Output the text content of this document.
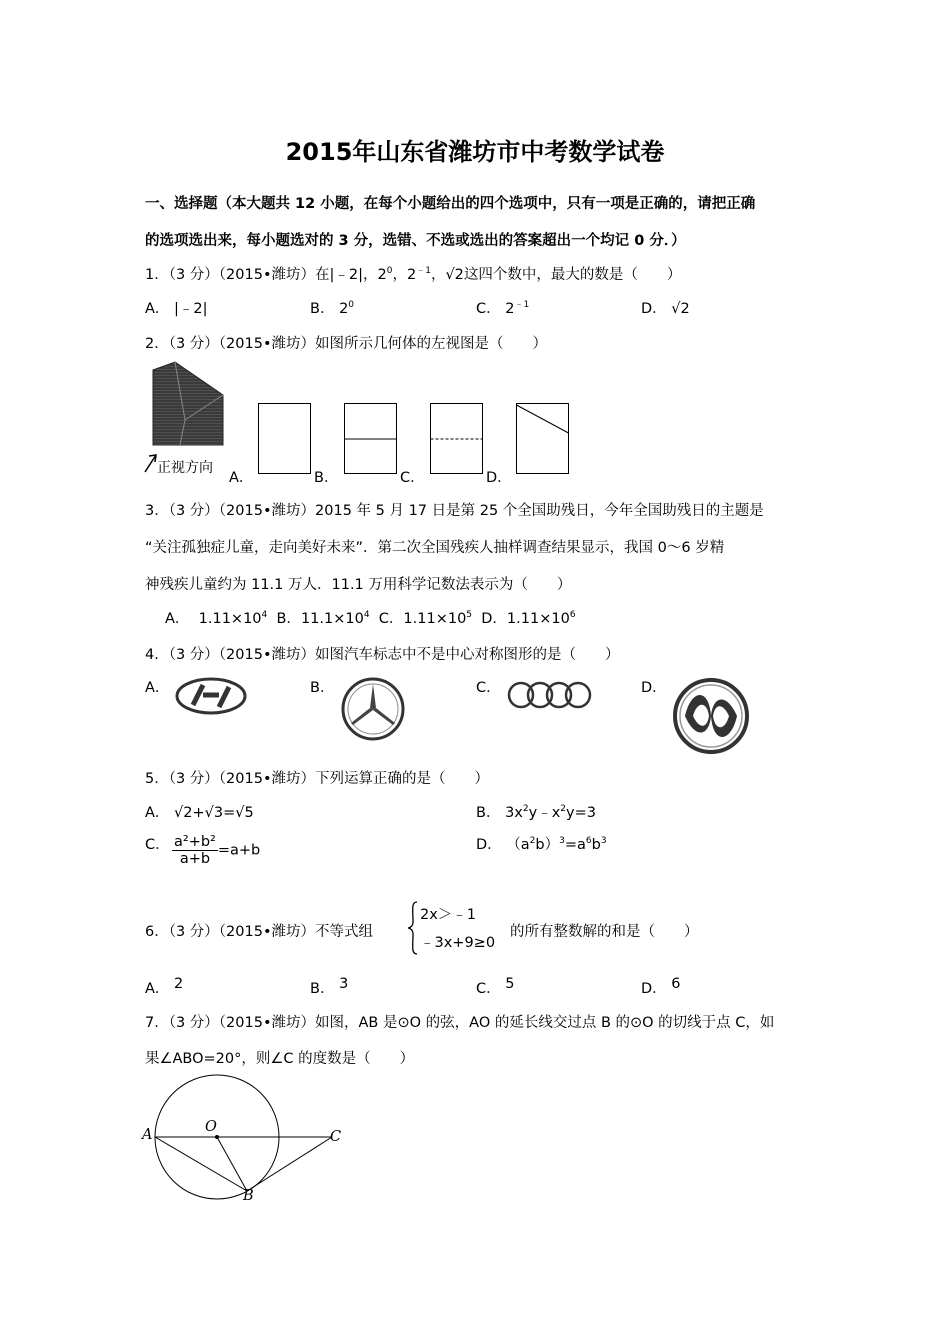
2015年山东省潍坊市中考数学试卷
一、选择题（本大题共 12 小题，在每个小题给出的四个选项中，只有一项是正确的，请把正确
的选项选出来，每小题选对的 3 分，选错、不选或选出的答案超出一个均记 0 分．）
1．（3 分）（2015•潍坊）在|﹣2|，$2^0$，$2^{﹣1}$，√2这四个数中，最大的数是（　　）
A． |﹣2|	B． $2^0$	C． $2^{﹣1}$	D． √2
2．（3 分）（2015•潍坊）如图所示几何体的左视图是（　　）
正视方向
A．	B．	C．	D．
3．（3 分）（2015•潍坊）2015 年 5 月 17 日是第 25 个全国助残日，今年全国助残日的主题是
“关注孤独症儿童，走向美好未来”．第二次全国残疾人抽样调查结果显示，我国 0～6 岁精
神残疾儿童约为 11.1 万人．11.1 万用科学记数法表示为（　　）
A． $1.11\times 10^4$ B．$11.1\times 10^4$ C．$1.11\times 10^5$ D．$1.11\times 10^6$
4．（3 分）（2015•潍坊）如图汽车标志中不是中心对称图形的是（　　）
A．	B．	C．	D．
5．（3 分）（2015•潍坊）下列运算正确的是（　　）
A． √2+√3=√5	B． $3x^2y﹣x^2y=3$
C． $\frac{\text{a²+b²}}{a+b} =a+b$	D． $(a^2b)^3=a^6b^3$
6．（3 分）（2015•潍坊）不等式组
2x＞﹣1
﹣3x+9≥0
的所有整数解的和是（　　）
A． 2	B． 3	C． 5	D． 6
7．（3 分）（2015•潍坊）如图，AB 是⊙O 的弦，AO 的延长线交过点 B 的⊙O 的切线于点 C，如
果∠ABO=20°，则∠C 的度数是（　　）
A	O
C
B
